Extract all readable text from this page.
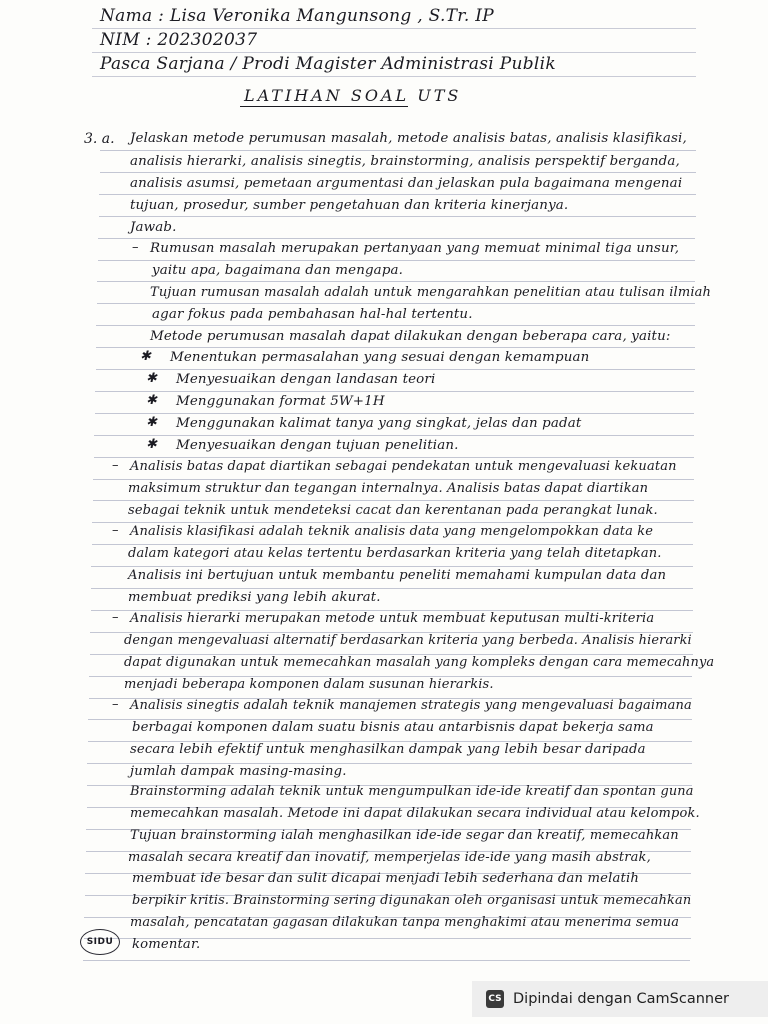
Nama : Lisa Veronika Mangunsong , S.Tr. IP
NIM : 202302037
Pasca Sarjana / Prodi Magister Administrasi Publik
LATIHAN SOAL UTS
3. a. Jelaskan metode perumusan masalah, metode analisis batas, analisis klasifikasi,
analisis hierarki, analisis sinegtis, brainstorming, analisis perspektif berganda,
analisis asumsi, pemetaan argumentasi dan jelaskan pula bagaimana mengenai
tujuan, prosedur, sumber pengetahuan dan kriteria kinerjanya.
Jawab.
– Rumusan masalah merupakan pertanyaan yang memuat minimal tiga unsur,
yaitu apa, bagaimana dan mengapa.
Tujuan rumusan masalah adalah untuk mengarahkan penelitian atau tulisan ilmiah
agar fokus pada pembahasan hal-hal tertentu.
Metode perumusan masalah dapat dilakukan dengan beberapa cara, yaitu:
✱ Menentukan permasalahan yang sesuai dengan kemampuan
✱ Menyesuaikan dengan landasan teori
✱ Menggunakan format 5W+1H
✱ Menggunakan kalimat tanya yang singkat, jelas dan padat
✱ Menyesuaikan dengan tujuan penelitian.
– Analisis batas dapat diartikan sebagai pendekatan untuk mengevaluasi kekuatan
maksimum struktur dan tegangan internalnya. Analisis batas dapat diartikan
sebagai teknik untuk mendeteksi cacat dan kerentanan pada perangkat lunak.
– Analisis klasifikasi adalah teknik analisis data yang mengelompokkan data ke
dalam kategori atau kelas tertentu berdasarkan kriteria yang telah ditetapkan.
Analisis ini bertujuan untuk membantu peneliti memahami kumpulan data dan
membuat prediksi yang lebih akurat.
– Analisis hierarki merupakan metode untuk membuat keputusan multi-kriteria
dengan mengevaluasi alternatif berdasarkan kriteria yang berbeda. Analisis hierarki
dapat digunakan untuk memecahkan masalah yang kompleks dengan cara memecahnya
menjadi beberapa komponen dalam susunan hierarkis.
– Analisis sinegtis adalah teknik manajemen strategis yang mengevaluasi bagaimana
berbagai komponen dalam suatu bisnis atau antarbisnis dapat bekerja sama
secara lebih efektif untuk menghasilkan dampak yang lebih besar daripada
jumlah dampak masing-masing.
Brainstorming adalah teknik untuk mengumpulkan ide-ide kreatif dan spontan guna
memecahkan masalah. Metode ini dapat dilakukan secara individual atau kelompok.
Tujuan brainstorming ialah menghasilkan ide-ide segar dan kreatif, memecahkan
masalah secara kreatif dan inovatif, memperjelas ide-ide yang masih abstrak,
membuat ide besar dan sulit dicapai menjadi lebih sederhana dan melatih
berpikir kritis. Brainstorming sering digunakan oleh organisasi untuk memecahkan
masalah, pencatatan gagasan dilakukan tanpa menghakimi atau menerima semua
komentar.
SIDU
CS Dipindai dengan CamScanner
